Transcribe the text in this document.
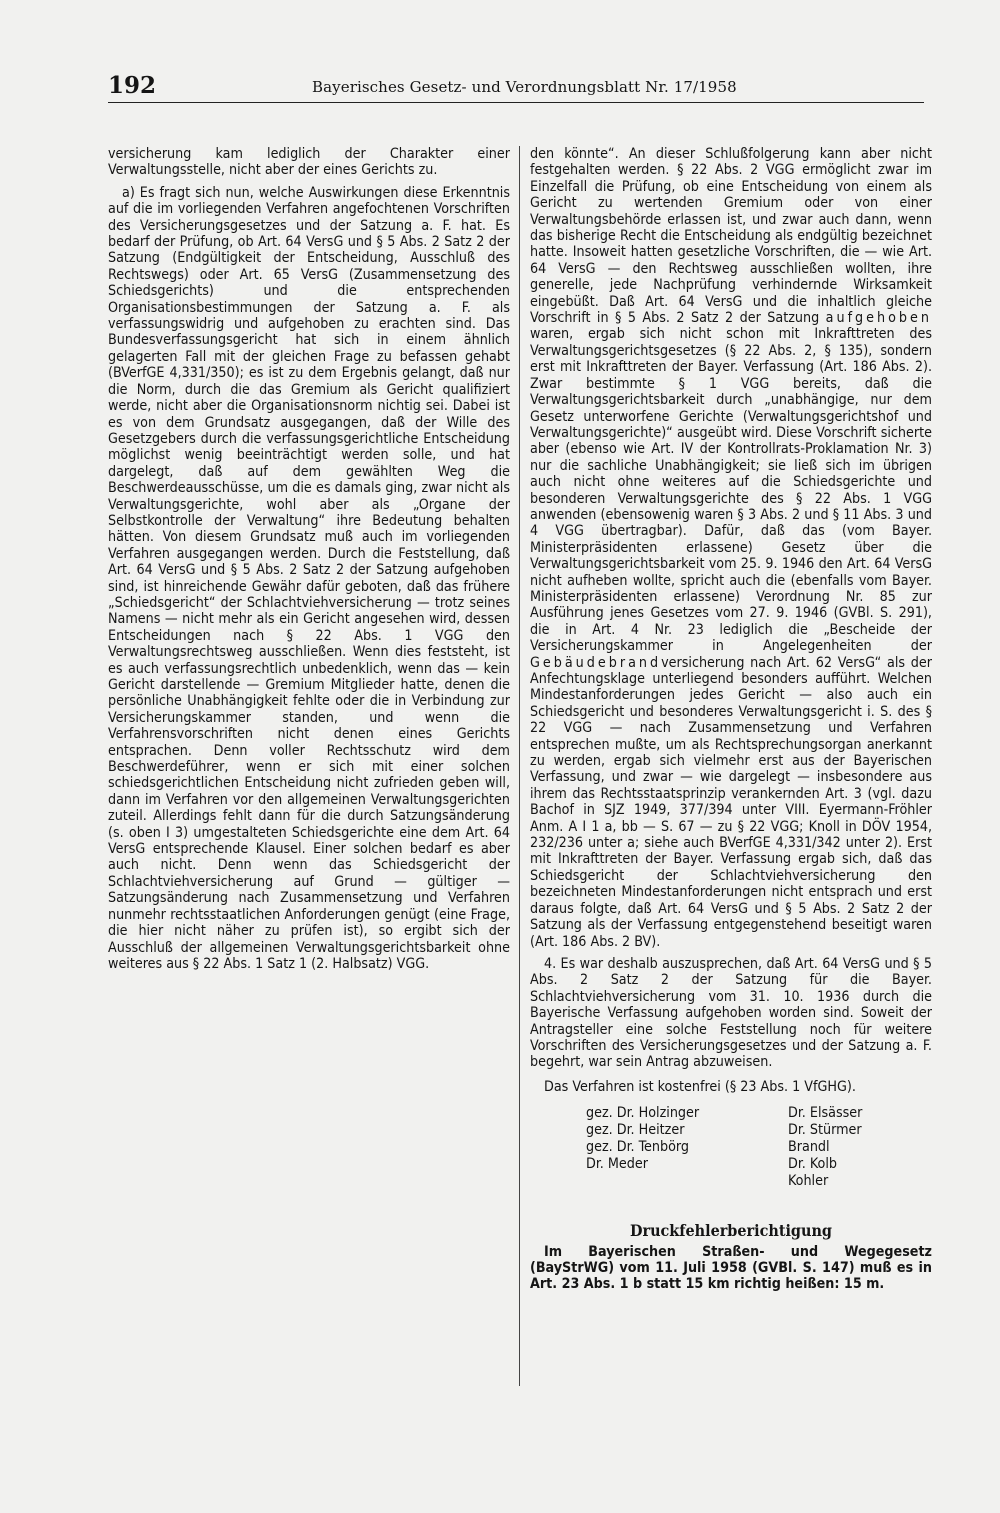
192	Bayerisches Gesetz- und Verordnungsblatt Nr. 17/1958

versicherung kam lediglich der Charakter einer Verwaltungsstelle, nicht aber der eines Gerichts zu.

a) Es fragt sich nun, welche Auswirkungen diese Erkenntnis auf die im vorliegenden Verfahren angefochtenen Vorschriften des Versicherungsgesetzes und der Satzung a. F. hat. Es bedarf der Prüfung, ob Art. 64 VersG und § 5 Abs. 2 Satz 2 der Satzung (Endgültigkeit der Entscheidung, Ausschluß des Rechtswegs) oder Art. 65 VersG (Zusammensetzung des Schiedsgerichts) und die entsprechenden Organisationsbestimmungen der Satzung a. F. als verfassungswidrig und aufgehoben zu erachten sind. Das Bundesverfassungsgericht hat sich in einem ähnlich gelagerten Fall mit der gleichen Frage zu befassen gehabt (BVerfGE 4,331/350); es ist zu dem Ergebnis gelangt, daß nur die Norm, durch die das Gremium als Gericht qualifiziert werde, nicht aber die Organisationsnorm nichtig sei. Dabei ist es von dem Grundsatz ausgegangen, daß der Wille des Gesetzgebers durch die verfassungsgerichtliche Entscheidung möglichst wenig beeinträchtigt werden solle, und hat dargelegt, daß auf dem gewählten Weg die Beschwerdeausschüsse, um die es damals ging, zwar nicht als Verwaltungsgerichte, wohl aber als „Organe der Selbstkontrolle der Verwaltung“ ihre Bedeutung behalten hätten. Von diesem Grundsatz muß auch im vorliegenden Verfahren ausgegangen werden. Durch die Feststellung, daß Art. 64 VersG und § 5 Abs. 2 Satz 2 der Satzung aufgehoben sind, ist hinreichende Gewähr dafür geboten, daß das frühere „Schiedsgericht“ der Schlachtviehversicherung — trotz seines Namens — nicht mehr als ein Gericht angesehen wird, dessen Entscheidungen nach § 22 Abs. 1 VGG den Verwaltungsrechtsweg ausschließen. Wenn dies feststeht, ist es auch verfassungsrechtlich unbedenklich, wenn das — kein Gericht darstellende — Gremium Mitglieder hatte, denen die persönliche Unabhängigkeit fehlte oder die in Verbindung zur Versicherungskammer standen, und wenn die Verfahrensvorschriften nicht denen eines Gerichts entsprachen. Denn voller Rechtsschutz wird dem Beschwerdeführer, wenn er sich mit einer solchen schiedsgerichtlichen Entscheidung nicht zufrieden geben will, dann im Verfahren vor den allgemeinen Verwaltungsgerichten zuteil. Allerdings fehlt dann für die durch Satzungsänderung (s. oben I 3) umgestalteten Schiedsgerichte eine dem Art. 64 VersG entsprechende Klausel. Einer solchen bedarf es aber auch nicht. Denn wenn das Schiedsgericht der Schlachtviehversicherung auf Grund — gültiger — Satzungsänderung nach Zusammensetzung und Verfahren nunmehr rechtsstaatlichen Anforderungen genügt (eine Frage, die hier nicht näher zu prüfen ist), so ergibt sich der Ausschluß der allgemeinen Verwaltungsgerichtsbarkeit ohne weiteres aus § 22 Abs. 1 Satz 1 (2. Halbsatz) VGG.

den könnte“. An dieser Schlußfolgerung kann aber nicht festgehalten werden. § 22 Abs. 2 VGG ermöglicht zwar im Einzelfall die Prüfung, ob eine Entscheidung von einem als Gericht zu wertenden Gremium oder von einer Verwaltungsbehörde erlassen ist, und zwar auch dann, wenn das bisherige Recht die Entscheidung als endgültig bezeichnet hatte. Insoweit hatten gesetzliche Vorschriften, die — wie Art. 64 VersG — den Rechtsweg ausschließen wollten, ihre generelle, jede Nachprüfung verhindernde Wirksamkeit eingebüßt. Daß Art. 64 VersG und die inhaltlich gleiche Vorschrift in § 5 Abs. 2 Satz 2 der Satzung aufgehoben waren, ergab sich nicht schon mit Inkrafttreten des Verwaltungsgerichtsgesetzes (§ 22 Abs. 2, § 135), sondern erst mit Inkrafttreten der Bayer. Verfassung (Art. 186 Abs. 2). Zwar bestimmte § 1 VGG bereits, daß die Verwaltungsgerichtsbarkeit durch „unabhängige, nur dem Gesetz unterworfene Gerichte (Verwaltungsgerichtshof und Verwaltungsgerichte)“ ausgeübt wird. Diese Vorschrift sicherte aber (ebenso wie Art. IV der Kontrollrats-Proklamation Nr. 3) nur die sachliche Unabhängigkeit; sie ließ sich im übrigen auch nicht ohne weiteres auf die Schiedsgerichte und besonderen Verwaltungsgerichte des § 22 Abs. 1 VGG anwenden (ebensowenig waren § 3 Abs. 2 und § 11 Abs. 3 und 4 VGG übertragbar). Dafür, daß das (vom Bayer. Ministerpräsidenten erlassene) Gesetz über die Verwaltungsgerichtsbarkeit vom 25. 9. 1946 den Art. 64 VersG nicht aufheben wollte, spricht auch die (ebenfalls vom Bayer. Ministerpräsidenten erlassene) Verordnung Nr. 85 zur Ausführung jenes Gesetzes vom 27. 9. 1946 (GVBl. S. 291), die in Art. 4 Nr. 23 lediglich die „Bescheide der Versicherungskammer in Angelegenheiten der Gebäudebrandversicherung nach Art. 62 VersG“ als der Anfechtungsklage unterliegend besonders aufführt. Welchen Mindestanforderungen jedes Gericht — also auch ein Schiedsgericht und besonderes Verwaltungsgericht i. S. des § 22 VGG — nach Zusammensetzung und Verfahren entsprechen mußte, um als Rechtsprechungsorgan anerkannt zu werden, ergab sich vielmehr erst aus der Bayerischen Verfassung, und zwar — wie dargelegt — insbesondere aus ihrem das Rechtsstaatsprinzip verankernden Art. 3 (vgl. dazu Bachof in SJZ 1949, 377/394 unter VIII. Eyermann-Fröhler Anm. A I 1 a, bb — S. 67 — zu § 22 VGG; Knoll in DÖV 1954, 232/236 unter a; siehe auch BVerfGE 4,331/342 unter 2). Erst mit Inkrafttreten der Bayer. Verfassung ergab sich, daß das Schiedsgericht der Schlachtviehversicherung den bezeichneten Mindestanforderungen nicht entsprach und erst daraus folgte, daß Art. 64 VersG und § 5 Abs. 2 Satz 2 der Satzung als der Verfassung entgegenstehend beseitigt waren (Art. 186 Abs. 2 BV).

4. Es war deshalb auszusprechen, daß Art. 64 VersG und § 5 Abs. 2 Satz 2 der Satzung für die Bayer. Schlachtviehversicherung vom 31. 10. 1936 durch die Bayerische Verfassung aufgehoben worden sind. Soweit der Antragsteller eine solche Feststellung noch für weitere Vorschriften des Versicherungsgesetzes und der Satzung a. F. begehrt, war sein Antrag abzuweisen.

Das Verfahren ist kostenfrei (§ 23 Abs. 1 VfGHG).

gez. Dr. Holzinger
gez. Dr. Heitzer
gez. Dr. Tenbörg
Dr. Meder
Dr. Elsässer
Dr. Stürmer
Brandl
Dr. Kolb
Kohler
Druckfehlerberichtigung

Im Bayerischen Straßen- und Wegegesetz (BayStrWG) vom 11. Juli 1958 (GVBl. S. 147) muß es in Art. 23 Abs. 1 b statt 15 km richtig heißen: 15 m.
